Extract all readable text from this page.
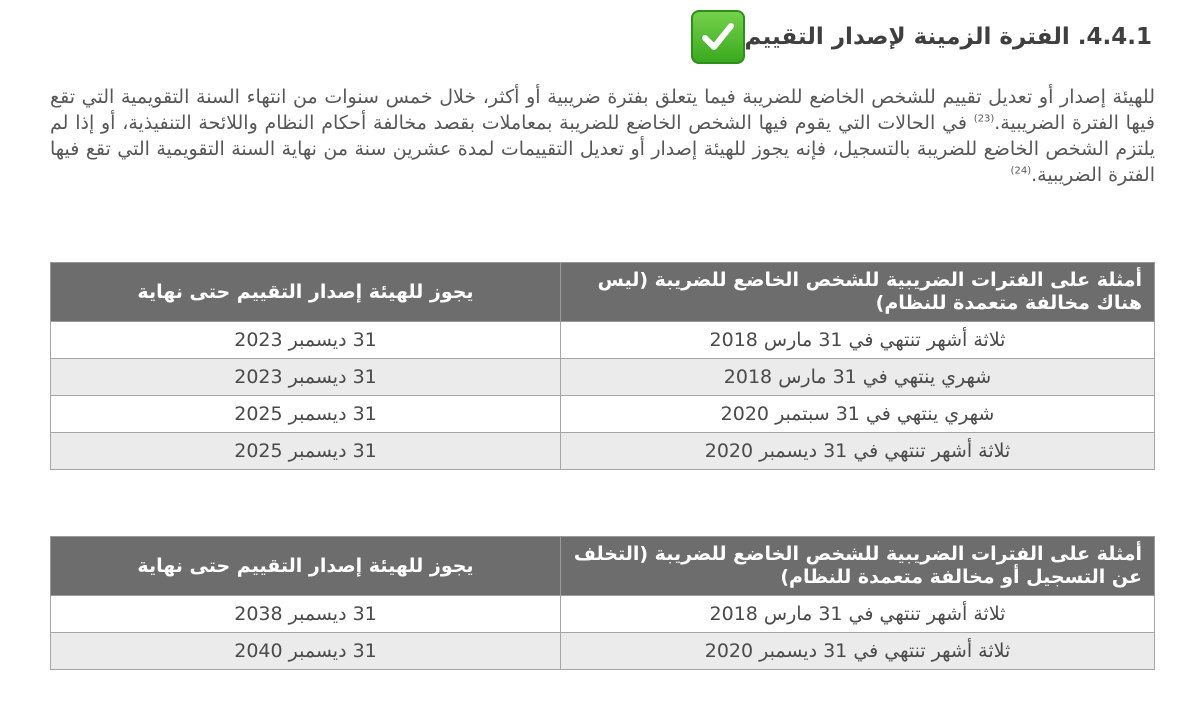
4.4.1. الفترة الزمينة لإصدار التقييم
للهيئة إصدار أو تعديل تقييم للشخص الخاضع للضريبة فيما يتعلق بفترة ضريبية أو أكثر، خلال خمس سنوات من انتهاء السنة التقويمية التي تقع فيها الفترة الضريبية.$^{(23)}$ في الحالات التي يقوم فيها الشخص الخاضع للضريبة بمعاملات بقصد مخالفة أحكام النظام واللائحة التنفيذية، أو إذا لم يلتزم الشخص الخاضع للضريبة بالتسجيل، فإنه يجوز للهيئة إصدار أو تعديل التقييمات لمدة عشرين سنة من نهاية السنة التقويمية التي تقع فيها الفترة الضريبية.$^{(24)}$
أمثلة على الفترات الضريبية للشخص الخاضع للضريبة (ليس هناك مخالفة متعمدة للنظام)	يجوز للهيئة إصدار التقييم حتى نهاية
ثلاثة أشهر تنتهي في 31 مارس 2018	31 ديسمبر 2023
شهري ينتهي في 31 مارس 2018	31 ديسمبر 2023
شهري ينتهي في 31 سبتمبر 2020	31 ديسمبر 2025
ثلاثة أشهر تنتهي في 31 ديسمبر 2020	31 ديسمبر 2025
أمثلة على الفترات الضريبية للشخص الخاضع للضريبة (التخلف عن التسجيل أو مخالفة متعمدة للنظام)	يجوز للهيئة إصدار التقييم حتى نهاية
ثلاثة أشهر تنتهي في 31 مارس 2018	31 ديسمبر 2038
ثلاثة أشهر تنتهي في 31 ديسمبر 2020	31 ديسمبر 2040
